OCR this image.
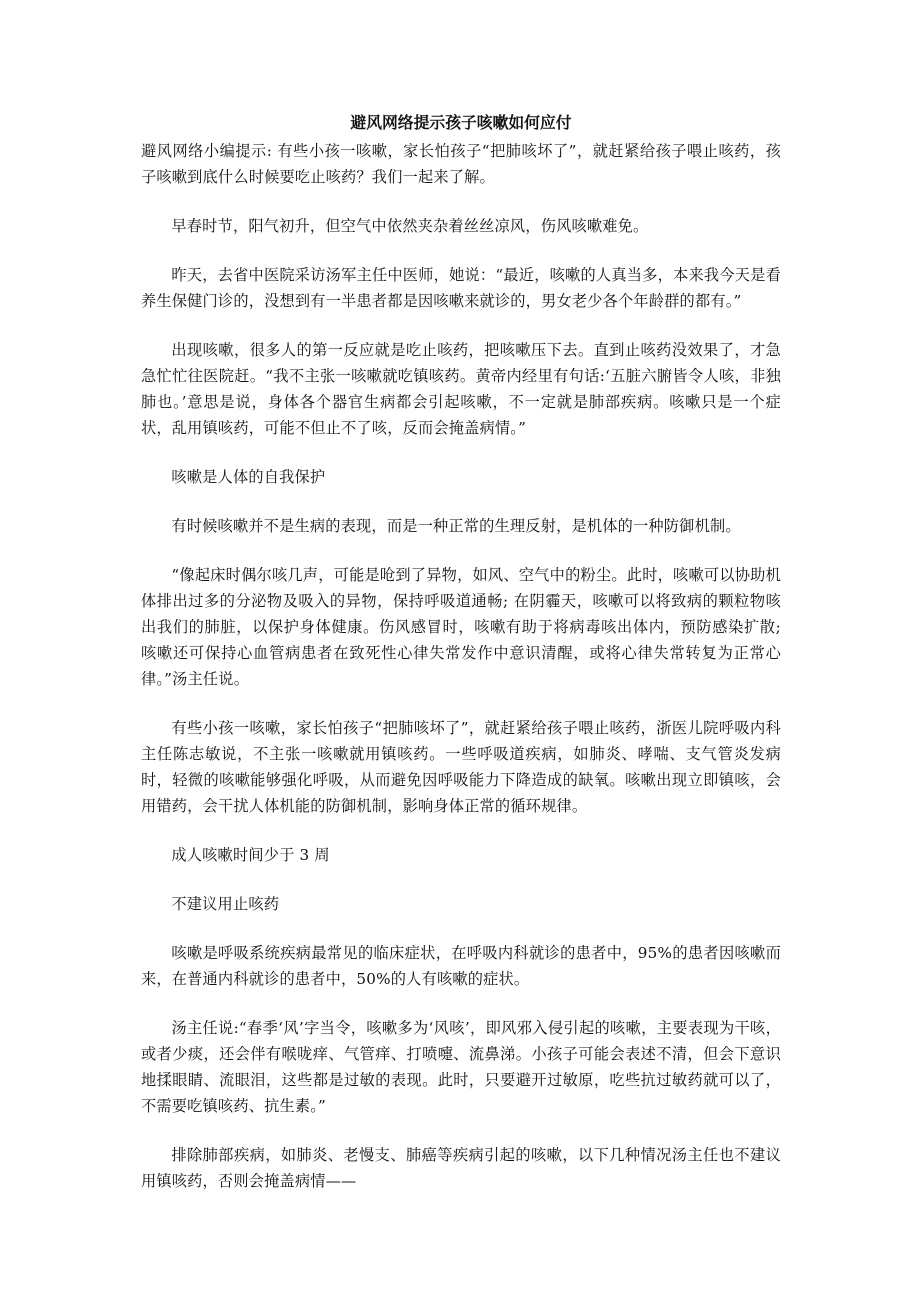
避风网络提示孩子咳嗽如何应付

避风网络小编提示: 有些小孩一咳嗽，家长怕孩子“把肺咳坏了”，就赶紧给孩子喂止咳药，孩子咳嗽到底什么时候要吃止咳药？我们一起来了解。

早春时节，阳气初升，但空气中依然夹杂着丝丝凉风，伤风咳嗽难免。

昨天，去省中医院采访汤军主任中医师，她说：“最近，咳嗽的人真当多，本来我今天是看养生保健门诊的，没想到有一半患者都是因咳嗽来就诊的，男女老少各个年龄群的都有。”

出现咳嗽，很多人的第一反应就是吃止咳药，把咳嗽压下去。直到止咳药没效果了，才急急忙忙往医院赶。“我不主张一咳嗽就吃镇咳药。黄帝内经里有句话:‘五脏六腑皆令人咳，非独肺也。’意思是说，身体各个器官生病都会引起咳嗽，不一定就是肺部疾病。咳嗽只是一个症状，乱用镇咳药，可能不但止不了咳，反而会掩盖病情。”

咳嗽是人体的自我保护

有时候咳嗽并不是生病的表现，而是一种正常的生理反射，是机体的一种防御机制。

“像起床时偶尔咳几声，可能是呛到了异物，如风、空气中的粉尘。此时，咳嗽可以协助机体排出过多的分泌物及吸入的异物，保持呼吸道通畅; 在阴霾天，咳嗽可以将致病的颗粒物咳出我们的肺脏，以保护身体健康。伤风感冒时，咳嗽有助于将病毒咳出体内，预防感染扩散; 咳嗽还可保持心血管病患者在致死性心律失常发作中意识清醒，或将心律失常转复为正常心律。”汤主任说。

有些小孩一咳嗽，家长怕孩子“把肺咳坏了”，就赶紧给孩子喂止咳药，浙医儿院呼吸内科主任陈志敏说，不主张一咳嗽就用镇咳药。一些呼吸道疾病，如肺炎、哮喘、支气管炎发病时，轻微的咳嗽能够强化呼吸，从而避免因呼吸能力下降造成的缺氧。咳嗽出现立即镇咳，会用错药，会干扰人体机能的防御机制，影响身体正常的循环规律。

成人咳嗽时间少于 3 周

不建议用止咳药

咳嗽是呼吸系统疾病最常见的临床症状，在呼吸内科就诊的患者中，95%的患者因咳嗽而来，在普通内科就诊的患者中，50%的人有咳嗽的症状。

汤主任说:“春季‘风’字当令，咳嗽多为‘风咳’，即风邪入侵引起的咳嗽，主要表现为干咳，或者少痰，还会伴有喉咙痒、气管痒、打喷嚏、流鼻涕。小孩子可能会表述不清，但会下意识地揉眼睛、流眼泪，这些都是过敏的表现。此时，只要避开过敏原，吃些抗过敏药就可以了，不需要吃镇咳药、抗生素。”

排除肺部疾病，如肺炎、老慢支、肺癌等疾病引起的咳嗽，以下几种情况汤主任也不建议用镇咳药，否则会掩盖病情——
